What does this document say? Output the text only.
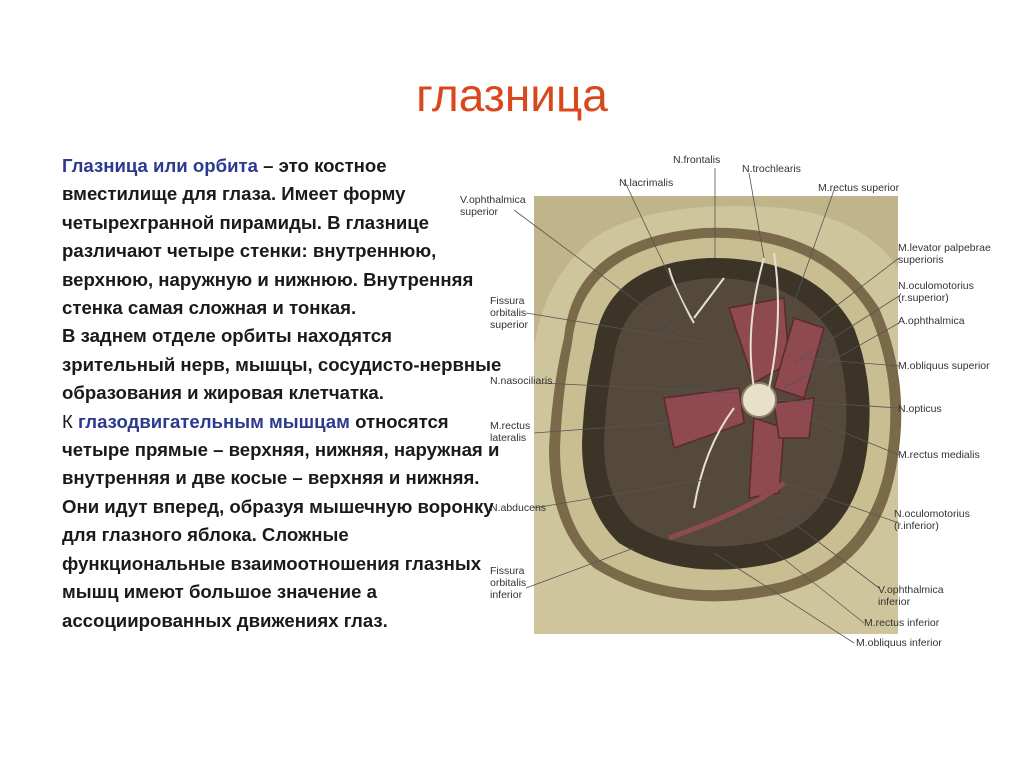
глазница

Глазница или орбита – это костное вместилище для глаза. Имеет форму четырехгранной пирамиды. В глазнице различают четыре стенки: внутреннюю, верхнюю, наружную и нижнюю. Внутренняя стенка самая сложная и тонкая.

В заднем отделе орбиты находятся зрительный нерв, мышцы, сосудисто-нервные образования и жировая клетчатка.

К глазодвигательным мышцам относятся четыре прямые – верхняя, нижняя, наружная и внутренняя и две косые – верхняя и нижняя. Они идут вперед, образуя мышечную воронку для глазного яблока. Сложные функциональные взаимоотношения глазных мышц имеют большое значение а ассоциированных движениях глаз.

N.frontalis
N.lacrimalis
N.trochlearis
M.rectus superior
V.ophthalmica
superior
M.levator palpebrae
superioris
N.oculomotorius
(r.superior)
Fissura
orbitalis
superior	A.ophthalmica
N.nasociliaris
M.obliquus superior
M.rectus
lateralis
N.opticus
M.rectus medialis
N.abducens	N.oculomotorius
(r.inferior)
Fissura
orbitalis
inferior	V.ophthalmica
inferior
M.rectus inferior
M.obliquus inferior
